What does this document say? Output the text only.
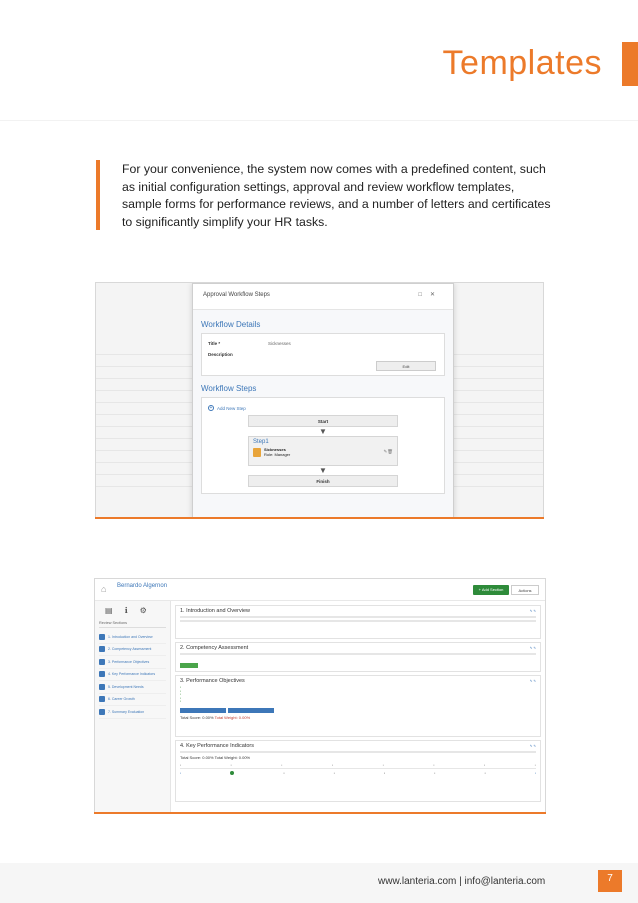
Templates

For your convenience, the system now comes with a predefined content, such as initial configuration settings, approval and review workflow templates, sample forms for performance reviews, and a number of letters and certificates to significantly simplify your HR tasks.

Approval Workflow Steps	□✕
Workflow Details
Title *	Sicknesses
Description
Edit
Workflow Steps
+	Add New Step
Start
▼
Step1
Sicknesses
Role: Manager
✎🗑
▼
Finish
⌂	Bernardo Algernon
+ Add Section	Actions
▤ ℹ ⚙
Review Sections
1. Introduction and Overview
2. Competency Assessment
3. Performance Objectives
4. Key Performance Indicators
5. Development Needs
6. Career Growth
7. Summary Evaluation
1. Introduction and Overview	✎ ✎
2. Competency Assessment	✎ ✎
3. Performance Objectives	✎ ✎
▪
▪
▪
▪
▪
Total Score: 0.00% Total Weight: 0.00%
4. Key Performance Indicators	✎ ✎
Total Score: 0.00% Total Weight: 0.00%
▪	▪	▪	▪	▪	▪	▪	▪
▪	▪	▪	▪	▪	▪	▪
www.lanteria.com | info@lanteria.com	7
